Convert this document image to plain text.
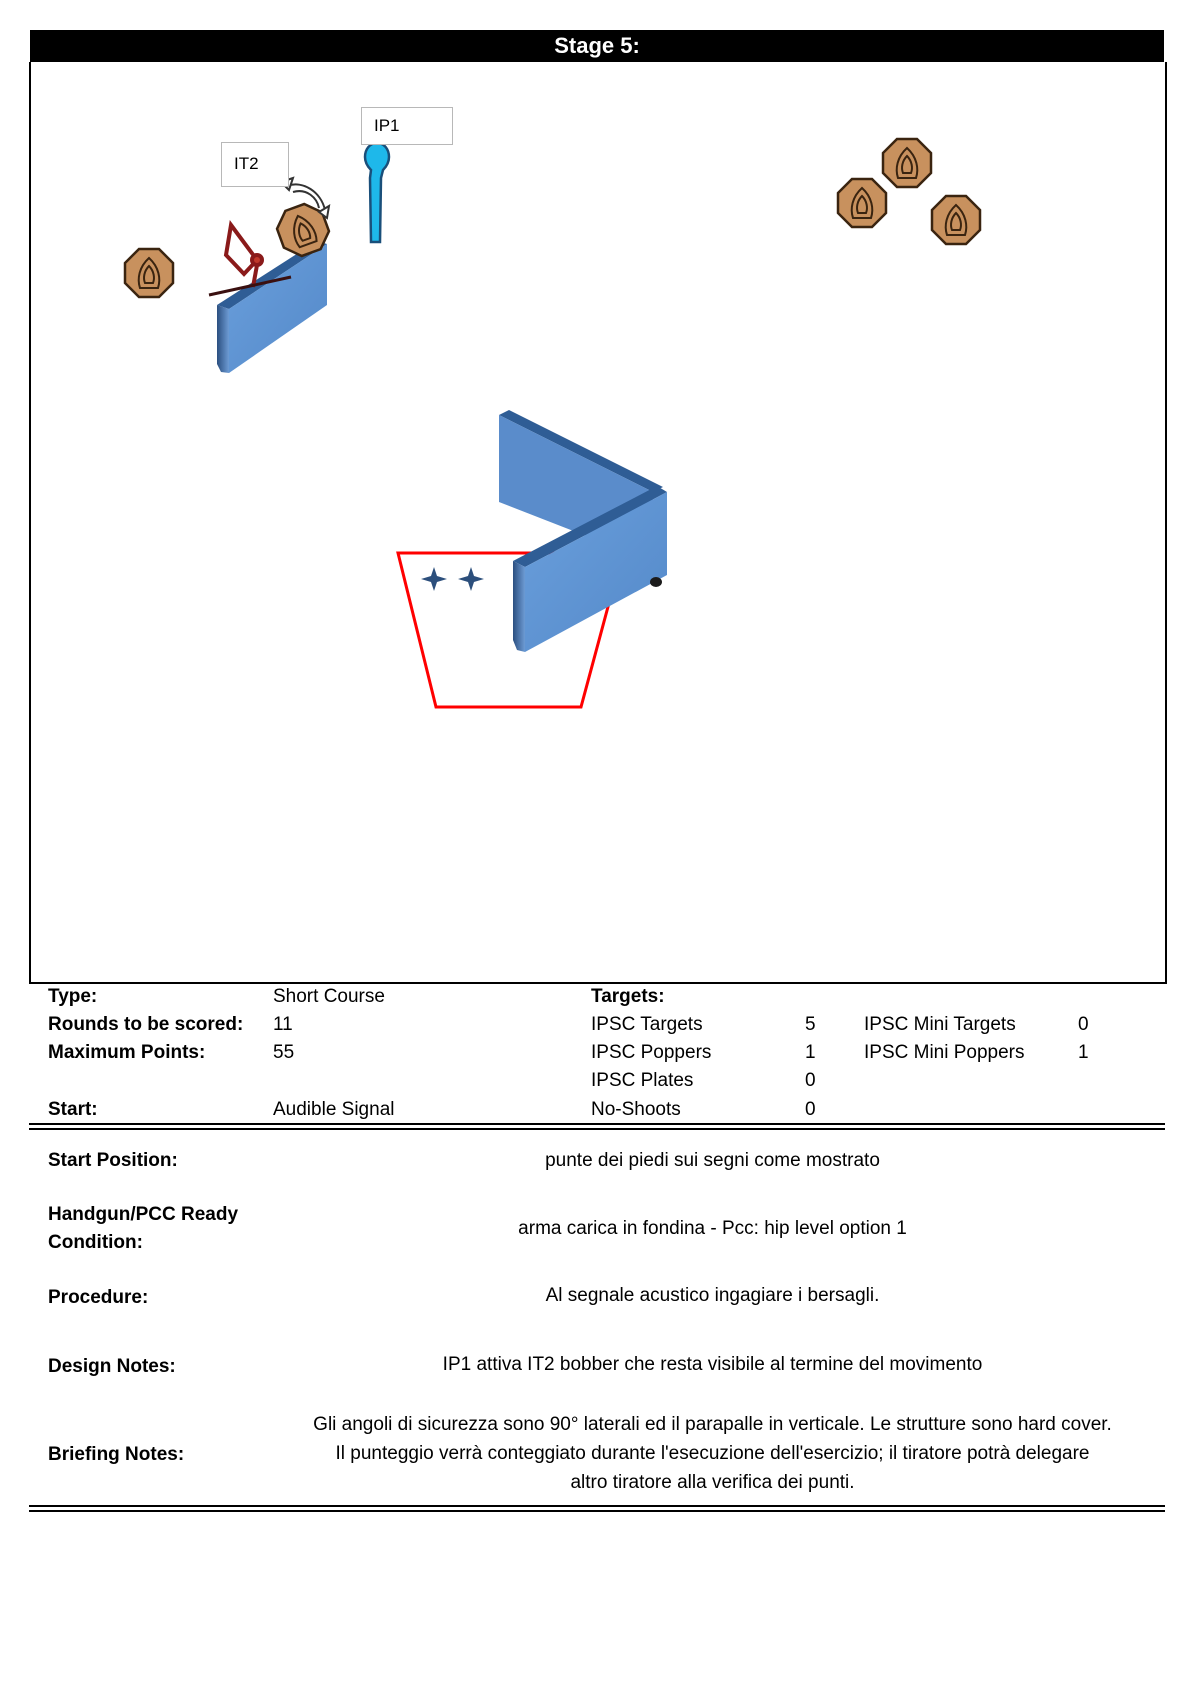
Stage 5:
IP1
IT2
Type:	Short Course
Rounds to be scored: 11
Maximum Points:	55
Start:	Audible Signal
Targets:
IPSC Targets	5
IPSC Poppers	1
IPSC Plates	0
No-Shoots	0
IPSC Mini Targets	0
IPSC Mini Poppers	1
Start Position:	punte dei piedi sui segni come mostrato
Handgun/PCC Ready
Condition:
arma carica in fondina - Pcc: hip level option 1
Procedure:	Al segnale acustico ingagiare i bersagli.
Design Notes:	IP1 attiva IT2 bobber che resta visibile al termine del movimento
Briefing Notes:
Gli angoli di sicurezza sono 90° laterali ed il parapalle in verticale. Le strutture sono hard cover.
Il punteggio verrà conteggiato durante l'esecuzione dell'esercizio; il tiratore potrà delegare
altro tiratore alla verifica dei punti.
